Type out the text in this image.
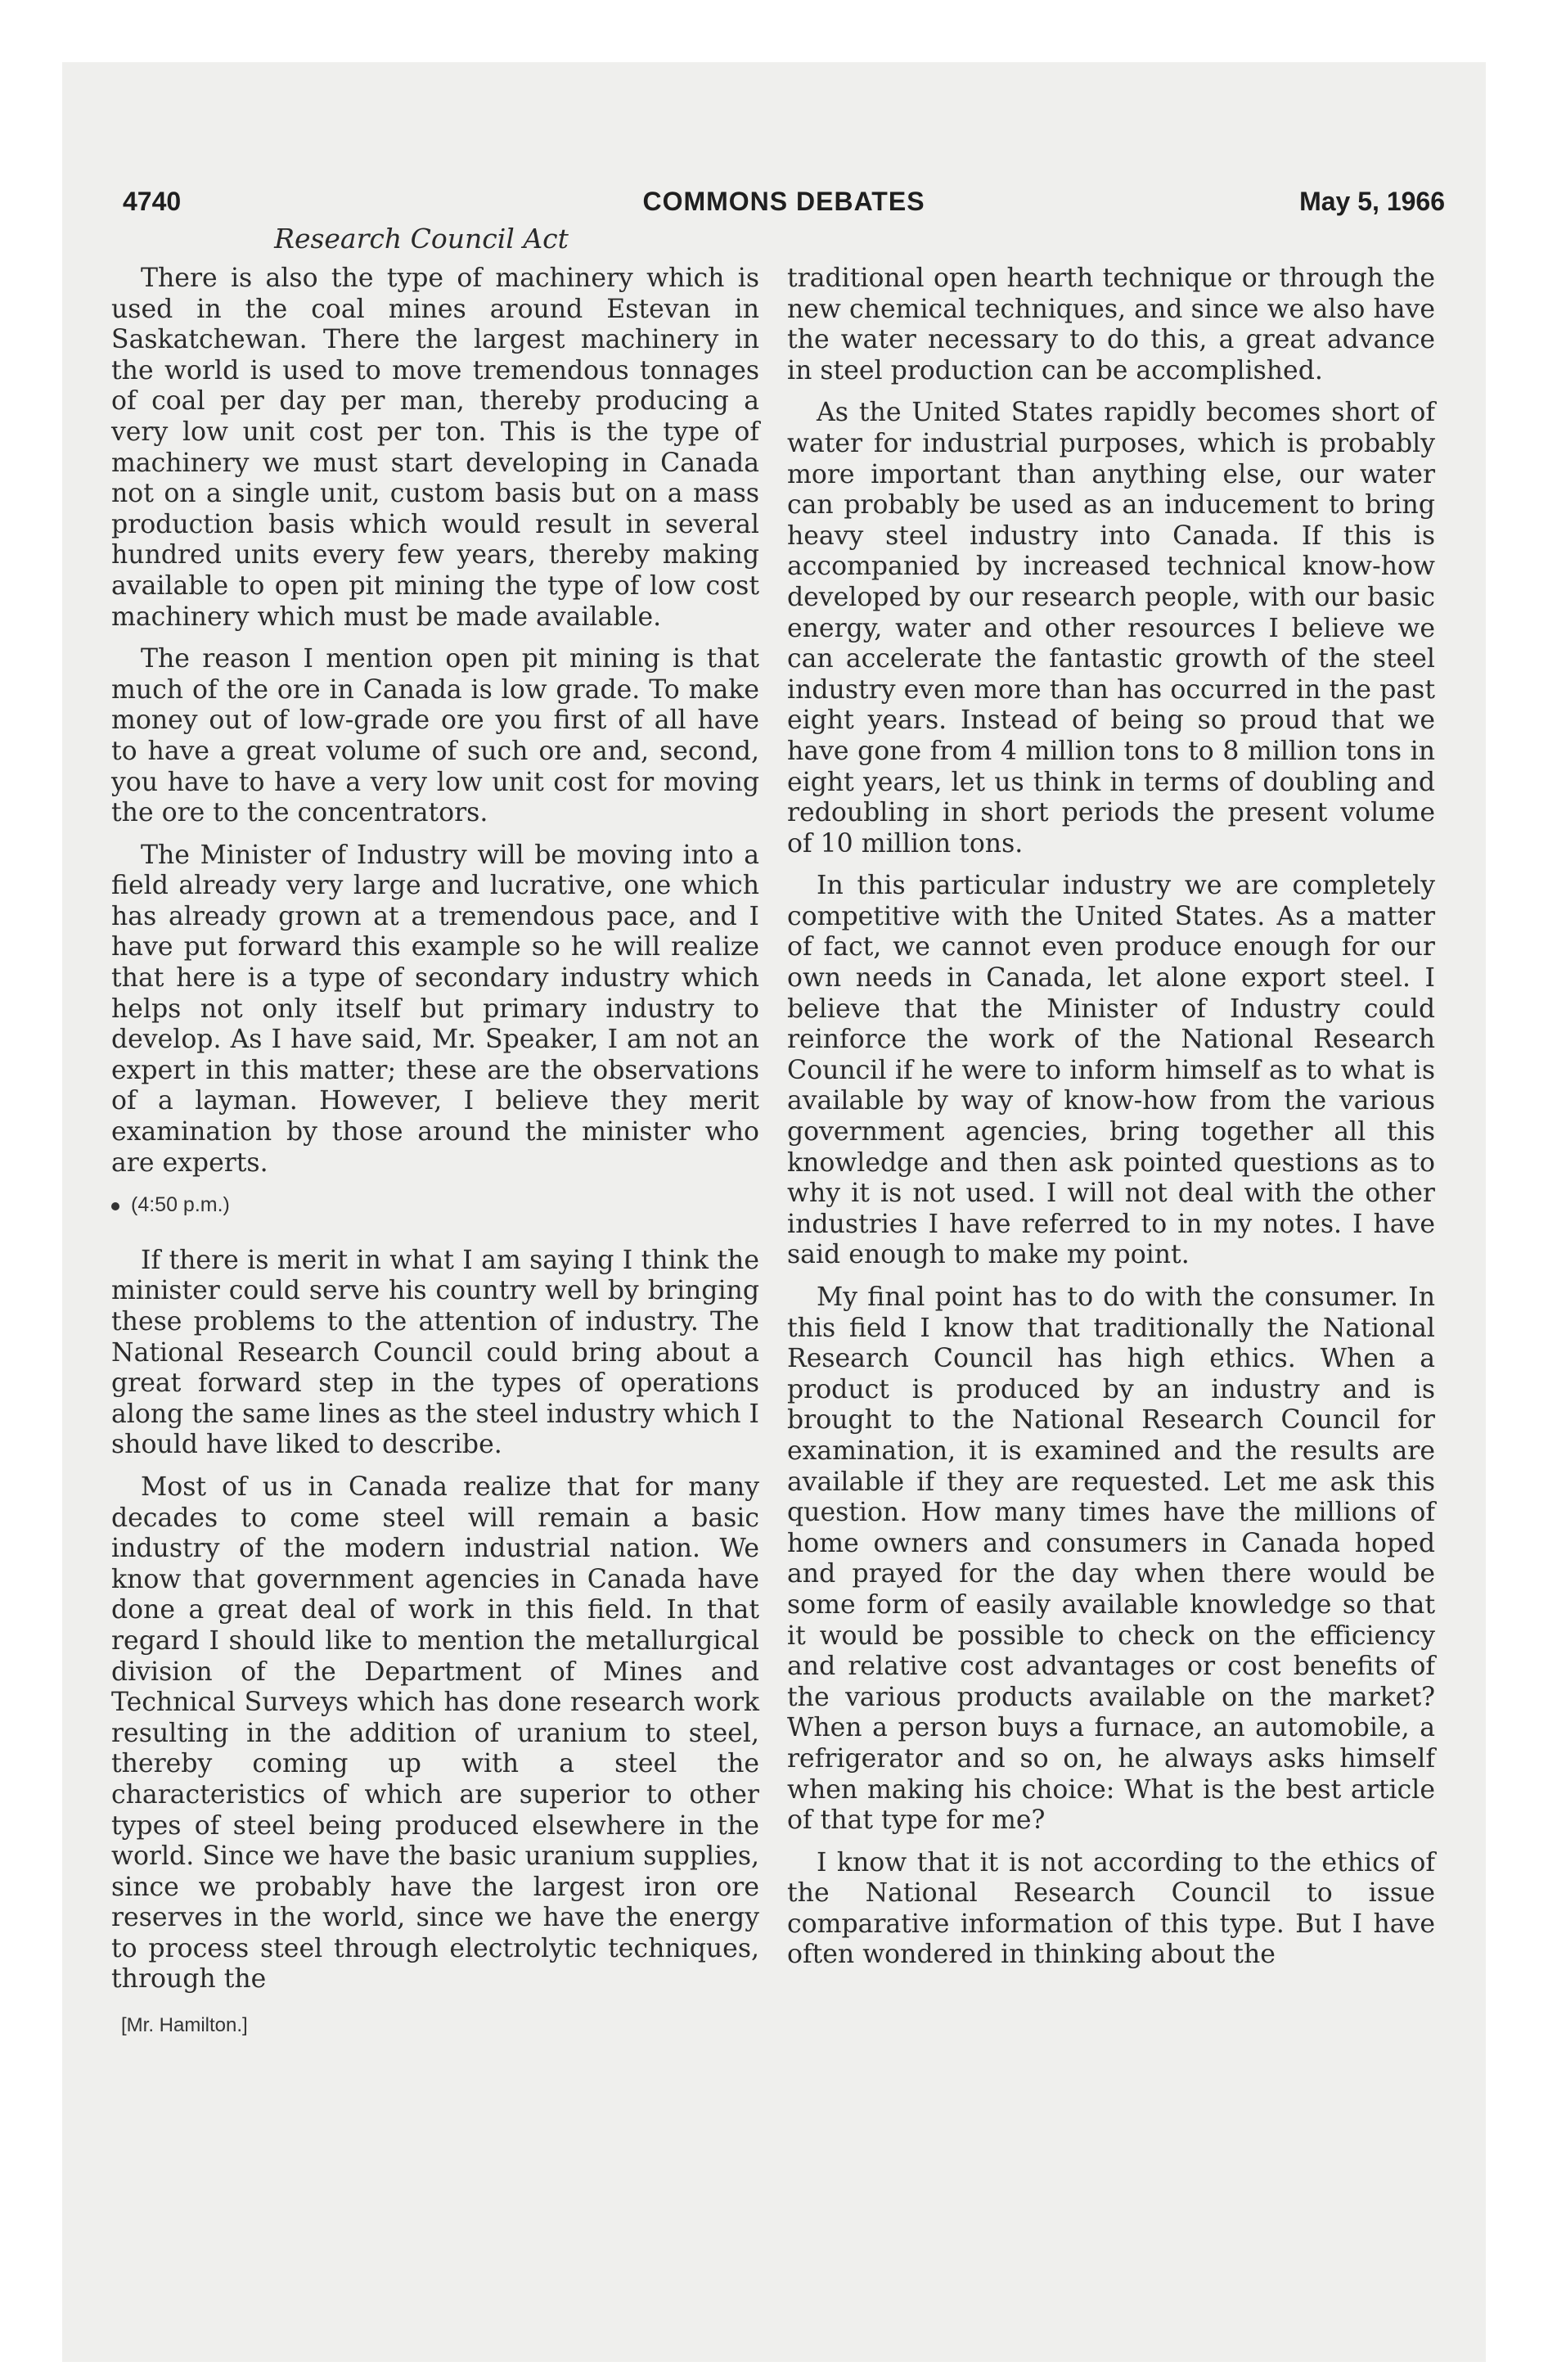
4740	COMMONS DEBATES	May 5, 1966
Research Council Act

There is also the type of machinery which is used in the coal mines around Estevan in Saskatchewan. There the largest machinery in the world is used to move tremendous tonnages of coal per day per man, thereby producing a very low unit cost per ton. This is the type of machinery we must start developing in Canada not on a single unit, custom basis but on a mass production basis which would result in several hundred units every few years, thereby making available to open pit mining the type of low cost machinery which must be made available.

The reason I mention open pit mining is that much of the ore in Canada is low grade. To make money out of low-grade ore you first of all have to have a great volume of such ore and, second, you have to have a very low unit cost for moving the ore to the concentrators.

The Minister of Industry will be moving into a field already very large and lucrative, one which has already grown at a tremendous pace, and I have put forward this example so he will realize that here is a type of secondary industry which helps not only itself but primary industry to develop. As I have said, Mr. Speaker, I am not an expert in this matter; these are the observations of a layman. However, I believe they merit examination by those around the minister who are experts.

(4:50 p.m.)

If there is merit in what I am saying I think the minister could serve his country well by bringing these problems to the attention of industry. The National Research Council could bring about a great forward step in the types of operations along the same lines as the steel industry which I should have liked to describe.

Most of us in Canada realize that for many decades to come steel will remain a basic industry of the modern industrial nation. We know that government agencies in Canada have done a great deal of work in this field. In that regard I should like to mention the metallurgical division of the Department of Mines and Technical Surveys which has done research work resulting in the addition of uranium to steel, thereby coming up with a steel the characteristics of which are superior to other types of steel being produced elsewhere in the world. Since we have the basic uranium supplies, since we probably have the largest iron ore reserves in the world, since we have the energy to process steel through electrolytic techniques, through the

[Mr. Hamilton.]

traditional open hearth technique or through the new chemical techniques, and since we also have the water necessary to do this, a great advance in steel production can be accomplished.

As the United States rapidly becomes short of water for industrial purposes, which is probably more important than anything else, our water can probably be used as an inducement to bring heavy steel industry into Canada. If this is accompanied by increased technical know-how developed by our research people, with our basic energy, water and other resources I believe we can accelerate the fantastic growth of the steel industry even more than has occurred in the past eight years. Instead of being so proud that we have gone from 4 million tons to 8 million tons in eight years, let us think in terms of doubling and redoubling in short periods the present volume of 10 million tons.

In this particular industry we are completely competitive with the United States. As a matter of fact, we cannot even produce enough for our own needs in Canada, let alone export steel. I believe that the Minister of Industry could reinforce the work of the National Research Council if he were to inform himself as to what is available by way of know-how from the various government agencies, bring together all this knowledge and then ask pointed questions as to why it is not used. I will not deal with the other industries I have referred to in my notes. I have said enough to make my point.

My final point has to do with the consumer. In this field I know that traditionally the National Research Council has high ethics. When a product is produced by an industry and is brought to the National Research Council for examination, it is examined and the results are available if they are requested. Let me ask this question. How many times have the millions of home owners and consumers in Canada hoped and prayed for the day when there would be some form of easily available knowledge so that it would be possible to check on the efficiency and relative cost advantages or cost benefits of the various products available on the market? When a person buys a furnace, an automobile, a refrigerator and so on, he always asks himself when making his choice: What is the best article of that type for me?

I know that it is not according to the ethics of the National Research Council to issue comparative information of this type. But I have often wondered in thinking about the
